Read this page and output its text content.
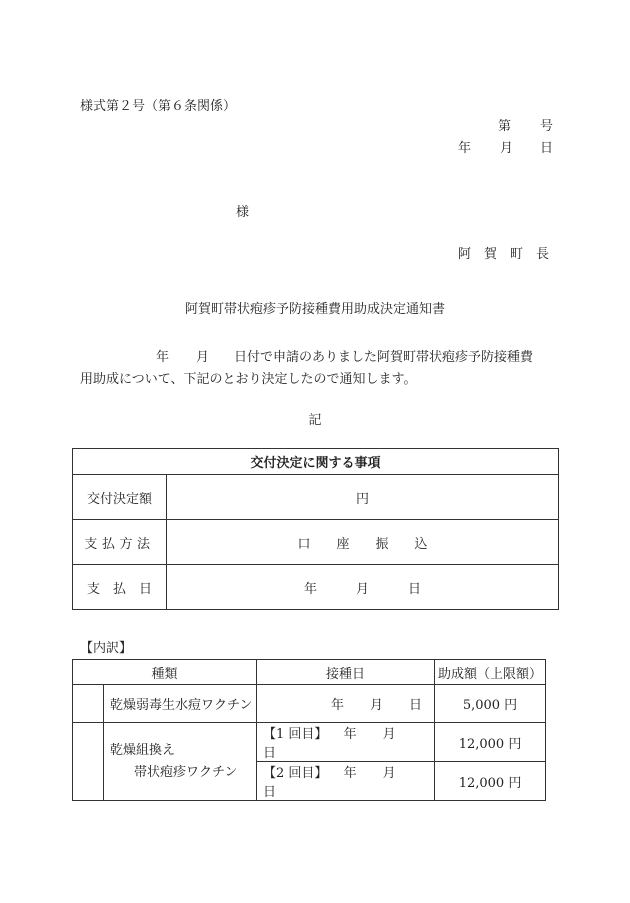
様式第２号（第６条関係）
第 号
年 月 日
様
阿　賀　町　長
阿賀町帯状疱疹予防接種費用助成決定通知書
年 月 日付で申請のありました阿賀町帯状疱疹予防接種費
用助成について、下記のとおり決定したので通知します。
記
交付決定に関する事項	
交付決定額	円
支払方法	口　　座　　振　　込
支　払　日	年　　　月　　　日
【内訳】
種類		接種日	助成額（上限額）
	乾燥弱毒生水痘ワクチン	年　　月　　日	5,000 円

	乾燥組換え
帯状疱疹ワクチン	【1 回目】 年　　月　　日	12,000 円
		【2 回目】 年　　月　　日	12,000 円
